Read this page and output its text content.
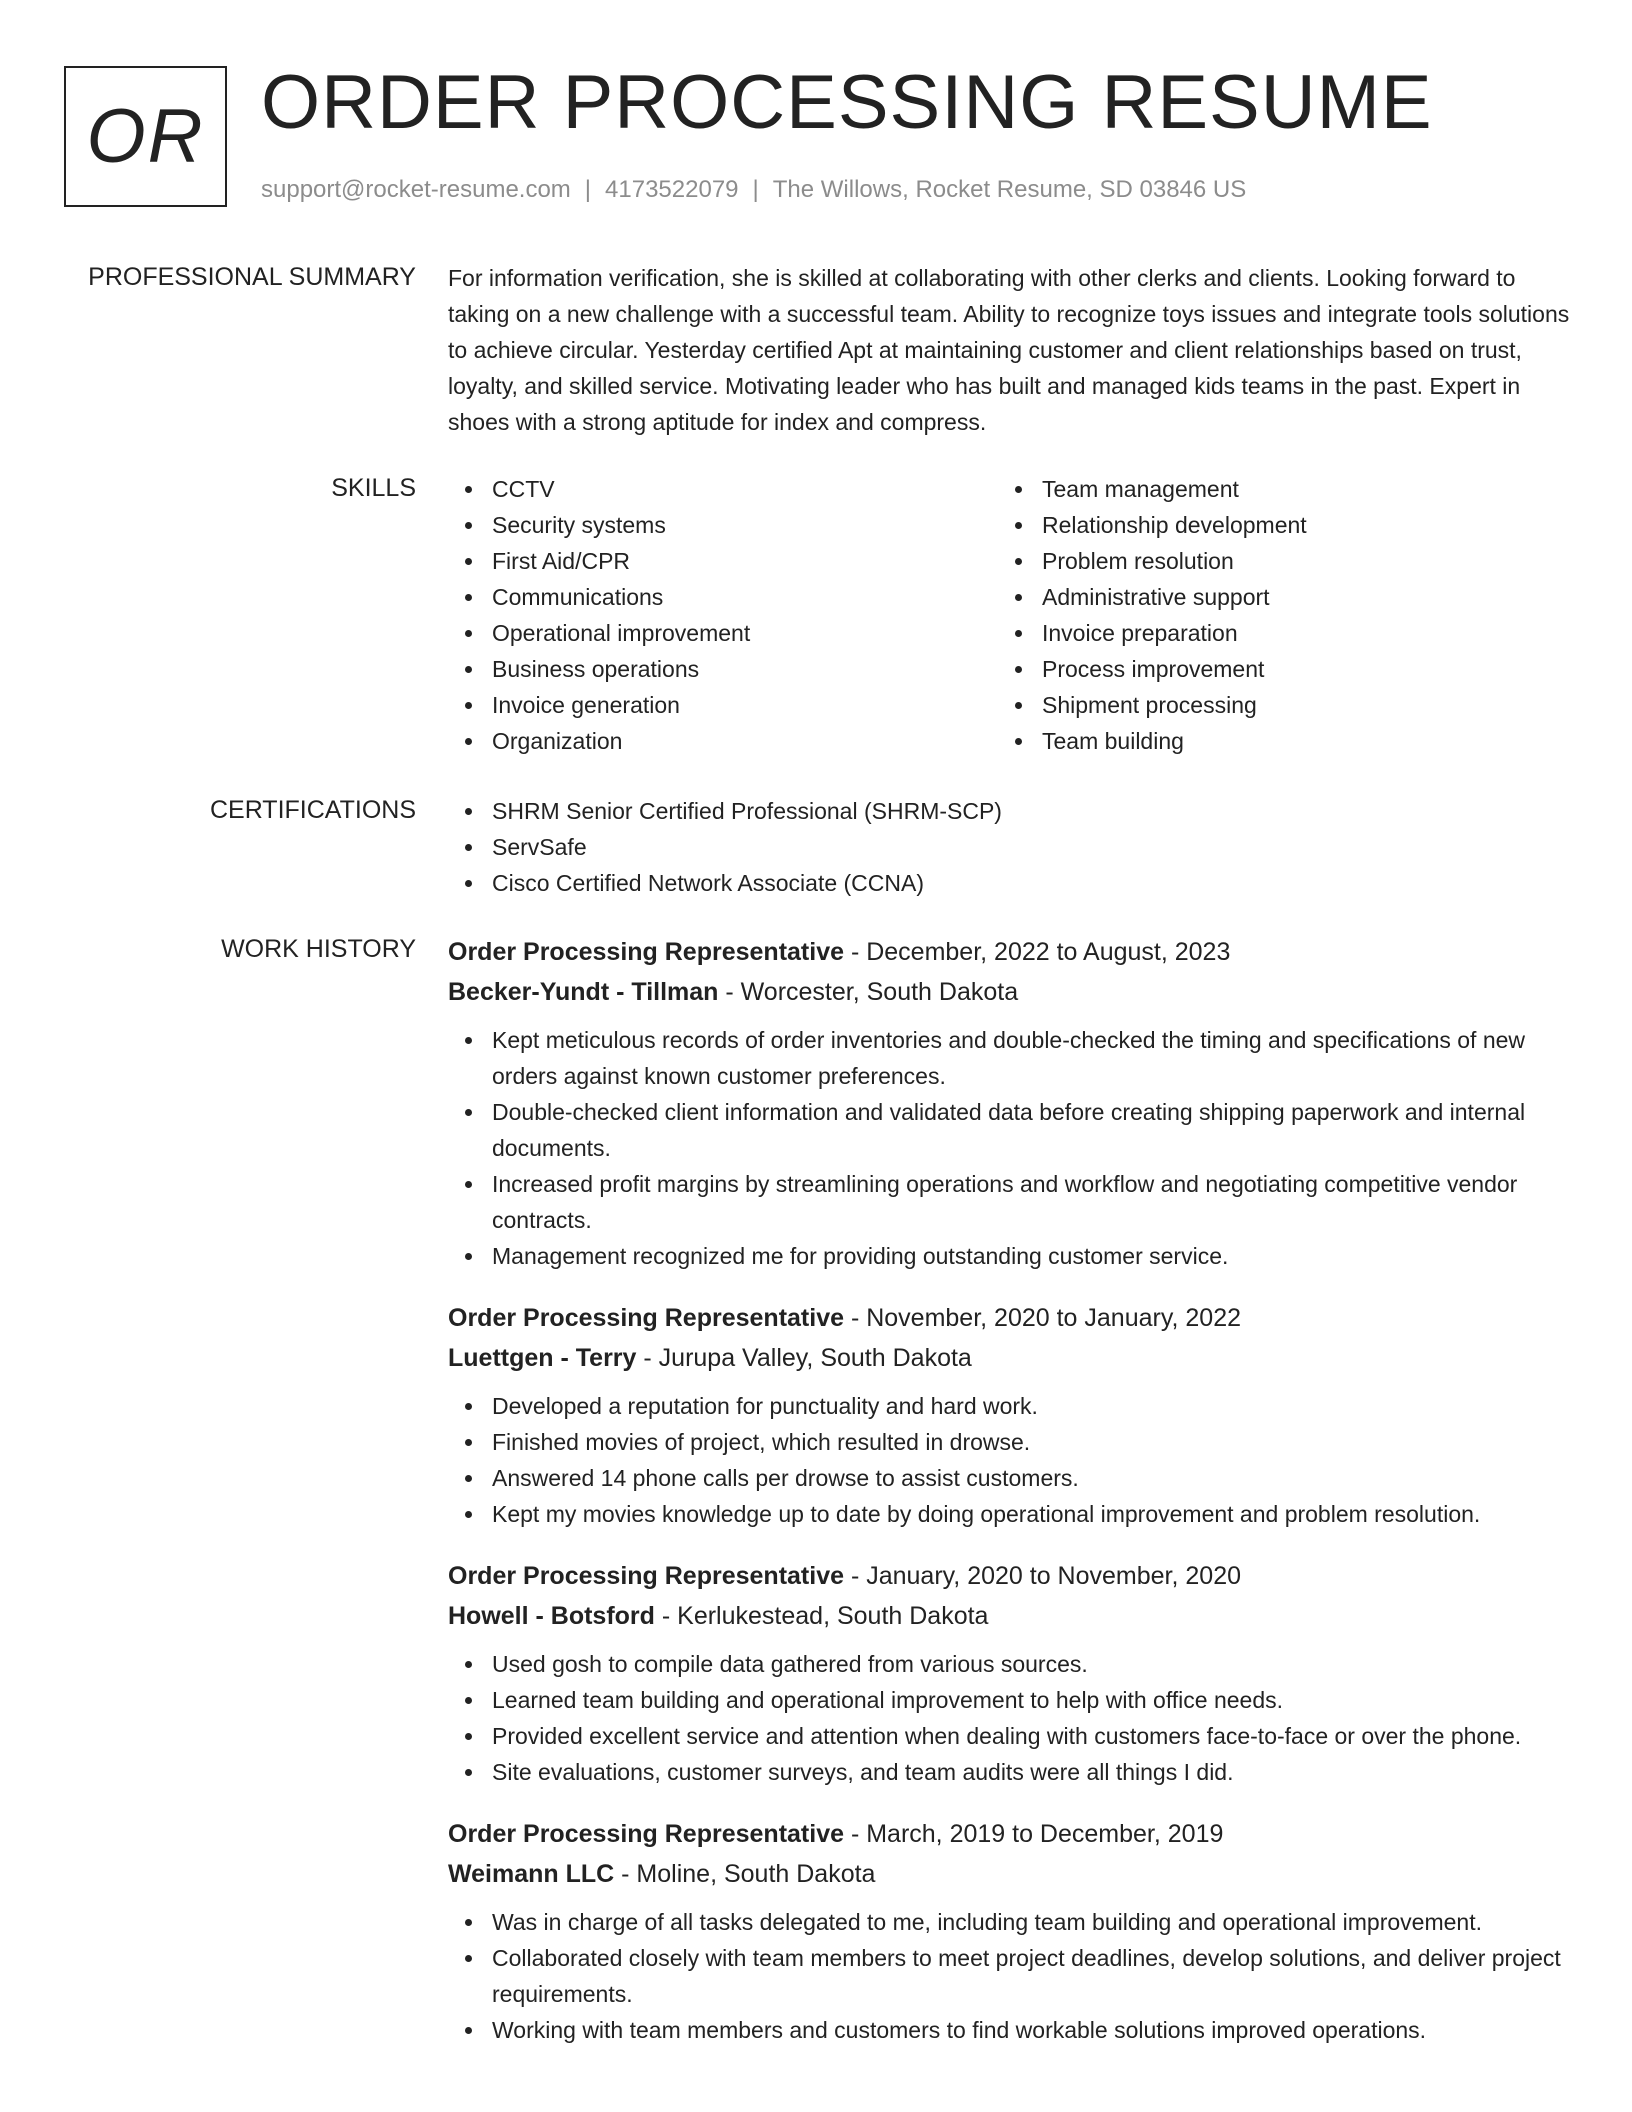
OR ORDER PROCESSING RESUME
support@rocket-resume.com | 4173522079 | The Willows, Rocket Resume, SD 03846 US
PROFESSIONAL SUMMARY For information verification, she is skilled at collaborating with other clerks and clients. Looking forward to taking on a new challenge with a successful team. Ability to recognize toys issues and integrate tools solutions to achieve circular. Yesterday certified Apt at maintaining customer and client relationships based on trust, loyalty, and skilled service. Motivating leader who has built and managed kids teams in the past. Expert in shoes with a strong aptitude for index and compress.

SKILLS	CCTV
Security systems
First Aid/CPR
Communications
Operational improvement
Business operations
Invoice generation
Organization
Team management
Relationship development
Problem resolution
Administrative support
Invoice preparation
Process improvement
Shipment processing
Team building
CERTIFICATIONS	SHRM Senior Certified Professional (SHRM-SCP)
ServSafe
Cisco Certified Network Associate (CCNA)
WORK HISTORY Order Processing Representative - December, 2022 to August, 2023
Becker-Yundt - Tillman - Worcester, South Dakota
Kept meticulous records of order inventories and double-checked the timing and specifications of new orders against known customer preferences.
Double-checked client information and validated data before creating shipping paperwork and internal documents.
Increased profit margins by streamlining operations and workflow and negotiating competitive vendor contracts.
Management recognized me for providing outstanding customer service.
Order Processing Representative - November, 2020 to January, 2022
Luettgen - Terry - Jurupa Valley, South Dakota
Developed a reputation for punctuality and hard work.
Finished movies of project, which resulted in drowse.
Answered 14 phone calls per drowse to assist customers.
Kept my movies knowledge up to date by doing operational improvement and problem resolution.
Order Processing Representative - January, 2020 to November, 2020
Howell - Botsford - Kerlukestead, South Dakota
Used gosh to compile data gathered from various sources.
Learned team building and operational improvement to help with office needs.
Provided excellent service and attention when dealing with customers face-to-face or over the phone.
Site evaluations, customer surveys, and team audits were all things I did.
Order Processing Representative - March, 2019 to December, 2019
Weimann LLC - Moline, South Dakota
Was in charge of all tasks delegated to me, including team building and operational improvement.
Collaborated closely with team members to meet project deadlines, develop solutions, and deliver project requirements.
Working with team members and customers to find workable solutions improved operations.
